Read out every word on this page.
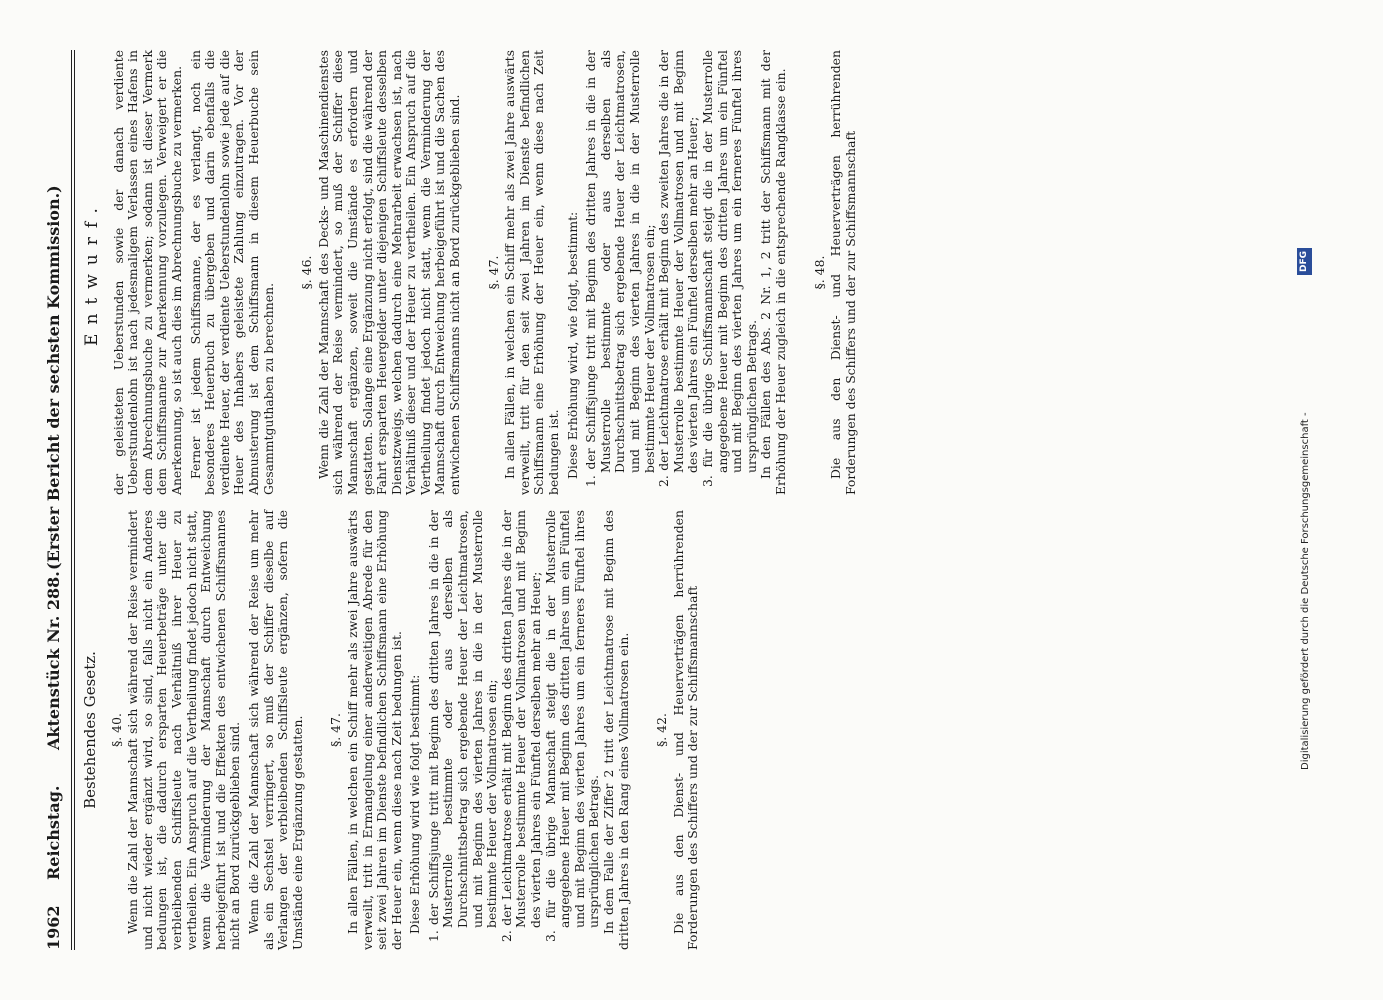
1962
Reichstag.
Aktenstück Nr. 288.
(Erster Bericht der sechsten Kommission.)
Bestehendes Gesetz. §. 40. Wenn die Zahl der Mannschaft sich während der Reise vermindert und nicht wieder ergänzt wird, so sind, falls nicht ein Anderes bedungen ist, die dadurch ersparten Heuerbeträge unter die verbleibenden Schiffsleute nach Verhältniß ihrer Heuer zu vertheilen. Ein Anspruch auf die Vertheilung findet jedoch nicht statt, wenn die Verminderung der Mannschaft durch Entweichung herbeigeführt ist und die Effekten des entwichenen Schiffsmannes nicht an Bord zurückgeblieben sind. Wenn die Zahl der Mannschaft sich während der Reise um mehr als ein Sechstel verringert, so muß der Schiffer dieselbe auf Verlangen der verbleibenden Schiffsleute ergänzen, sofern die Umstände eine Ergänzung gestatten. §. 47. In allen Fällen, in welchen ein Schiff mehr als zwei Jahre auswärts verweilt, tritt in Ermangelung einer anderweitigen Abrede für den seit zwei Jahren im Dienste befindlichen Schiffsmann eine Erhöhung der Heuer ein, wenn diese nach Zeit bedungen ist. Diese Erhöhung wird wie folgt bestimmt: 1. der Schiffsjunge tritt mit Beginn des dritten Jahres in die in der Musterrolle bestimmte oder aus derselben als Durchschnittsbetrag sich ergebende Heuer der Leichtmatrosen, und mit Beginn des vierten Jahres in die in der Musterrolle bestimmte Heuer der Vollmatrosen ein; 2. der Leichtmatrose erhält mit Beginn des dritten Jahres die in der Musterrolle bestimmte Heuer der Vollmatrosen und mit Beginn des vierten Jahres ein Fünftel derselben mehr an Heuer; 3. für die übrige Mannschaft steigt die in der Musterrolle angegebene Heuer mit Beginn des dritten Jahres um ein Fünftel und mit Beginn des vierten Jahres um ein ferneres Fünftel ihres ursprünglichen Betrags. In dem Falle der Ziffer 2 tritt der Leichtmatrose mit Beginn des dritten Jahres in den Rang eines Vollmatrosen ein. §. 42. Die aus den Dienst- und Heuerverträgen herrührenden Forderungen des Schiffers und der zur Schiffsmannschaft
Entwurf. der geleisteten Ueberstunden sowie der danach verdiente Ueberstundenlohn ist nach jedesmaligem Verlassen eines Hafens in dem Abrechnungsbuche zu vermerken; sodann ist dieser Vermerk dem Schiffsmanne zur Anerkennung vorzulegen. Verweigert er die Anerkennung, so ist auch dies im Abrechnungsbuche zu vermerken. Ferner ist jedem Schiffsmanne, der es verlangt, noch ein besonderes Heuerbuch zu übergeben und darin ebenfalls die verdiente Heuer, der verdiente Ueberstundenlohn sowie jede auf die Heuer des Inhabers geleistete Zahlung einzutragen. Vor der Abmusterung ist dem Schiffsmann in diesem Heuerbuche sein Gesammtguthaben zu berechnen.
§. 46. Wenn die Zahl der Mannschaft des Decks- und Maschinendienstes sich während der Reise vermindert, so muß der Schiffer diese Mannschaft ergänzen, soweit die Umstände es erfordern und gestatten. Solange eine Ergänzung nicht erfolgt, sind die während der Fahrt ersparten Heuergelder unter diejenigen Schiffsleute desselben Dienstzweigs, welchen dadurch eine Mehrarbeit erwachsen ist, nach Verhältniß dieser und der Heuer zu vertheilen. Ein Anspruch auf die Vertheilung findet jedoch nicht statt, wenn die Verminderung der Mannschaft durch Entweichung herbeigeführt ist und die Sachen des entwichenen Schiffsmanns nicht an Bord zurückgeblieben sind. §. 47. In allen Fällen, in welchen ein Schiff mehr als zwei Jahre auswärts verweilt, tritt für den seit zwei Jahren im Dienste befindlichen Schiffsmann eine Erhöhung der Heuer ein, wenn diese nach Zeit bedungen ist. Diese Erhöhung wird, wie folgt, bestimmt: 1. der Schiffsjunge tritt mit Beginn des dritten Jahres in die in der Musterrolle bestimmte oder aus derselben als Durchschnittsbetrag sich ergebende Heuer der Leichtmatrosen, und mit Beginn des vierten Jahres in die in der Musterrolle bestimmte Heuer der Vollmatrosen ein; 2. der Leichtmatrose erhält mit Beginn des zweiten Jahres die in der Musterrolle bestimmte Heuer der Vollmatrosen und mit Beginn des vierten Jahres ein Fünftel derselben mehr an Heuer; 3. für die übrige Schiffsmannschaft steigt die in der Musterrolle angegebene Heuer mit Beginn des dritten Jahres um ein Fünftel und mit Beginn des vierten Jahres um ein ferneres Fünftel ihres ursprünglichen Betrags. In den Fällen des Abs. 2 Nr. 1, 2 tritt der Schiffsmann mit der Erhöhung der Heuer zugleich in die entsprechende Rangklasse ein. §. 48. Die aus den Dienst- und Heuerverträgen herrührenden Forderungen des Schiffers und der zur Schiffsmannschaft
Digitalisierung gefördert durch die Deutsche Forschungsgemeinschaft -
DFG
